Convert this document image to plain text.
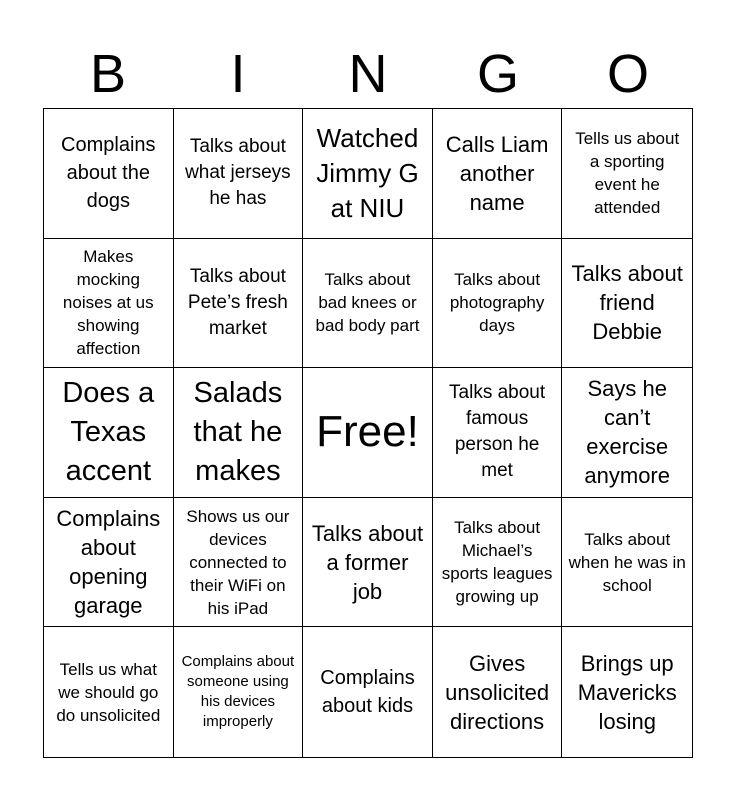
B	I	N	G	O
Complains about the dogs
Talks about what jerseys he has
Watched Jimmy G at NIU
Calls Liam another name
Tells us about a sporting event he attended
Makes mocking noises at us showing affection
Talks about Pete’s fresh market
Talks about bad knees or bad body part
Talks about photography days
Talks about friend Debbie
Does a Texas accent
Salads that he makes
Free!
Talks about famous person he met
Says he can’t exercise anymore
Complains about opening garage
Shows us our devices connected to their WiFi on his iPad
Talks about a former job
Talks about Michael’s sports leagues growing up
Talks about when he was in school
Tells us what we should go do unsolicited
Complains about someone using his devices improperly
Complains about kids
Gives unsolicited directions
Brings up Mavericks losing
